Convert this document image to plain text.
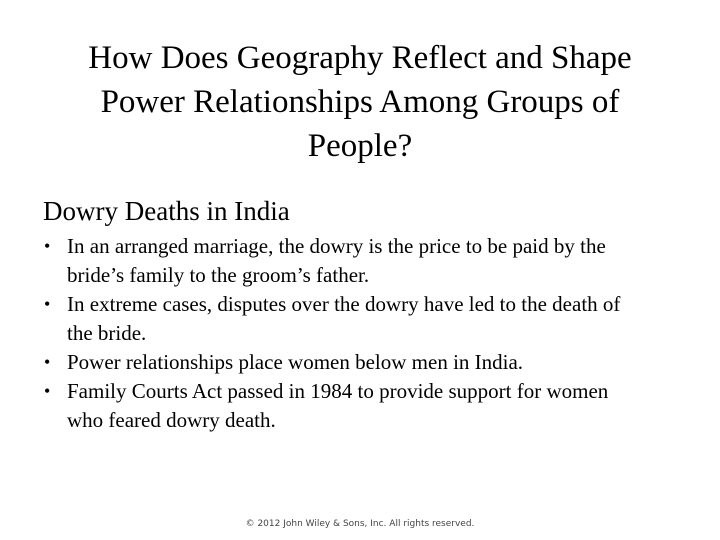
How Does Geography Reflect and Shape
Power Relationships Among Groups of
People?
Dowry Deaths in India
• In an arranged marriage, the dowry is the price to be paid by the bride’s family to the groom’s father.
• In extreme cases, disputes over the dowry have led to the death of the bride.
• Power relationships place women below men in India.
• Family Courts Act passed in 1984 to provide support for women who feared dowry death.
© 2012 John Wiley & Sons, Inc. All rights reserved.
